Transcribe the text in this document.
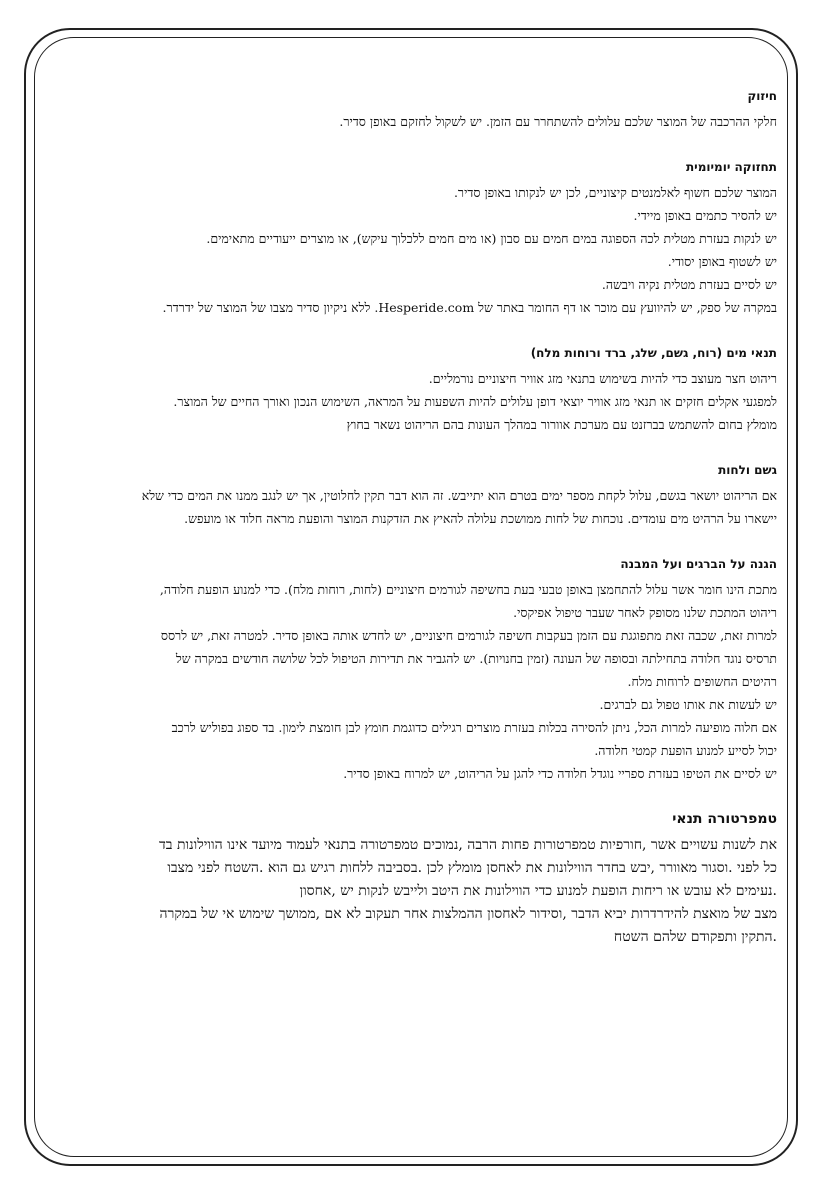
חיזוק

חלקי ההרכבה של המוצר שלכם עלולים להשתחרר עם הזמן. יש לשקול לחזקם באופן סדיר.

תחזוקה יומיומית

המוצר שלכם חשוף לאלמנטים קיצוניים, לכן יש לנקותו באופן סדיר.

יש להסיר כתמים באופן מיידי.

יש לנקות בעזרת מטלית לכה הספוגה במים חמים עם סבון (או מים חמים ללכלוך עיקש), או מוצרים ייעודיים מתאימים.

יש לשטוף באופן יסודי.

יש לסיים בעזרת מטלית נקיה ויבשה.

במקרה של ספק, יש להיוועץ עם מוכר או דף החומר באתר של Hesperide.com. ללא ניקיון סדיר מצבו של המוצר של ידרדר.

תנאי מים (רוח, גשם, שלג, ברד ורוחות מלח)

ריהוט חצר מעוצב כדי להיות בשימוש בתנאי מזג אוויר חיצוניים נורמליים.

למפגעי אקלים חזקים או תנאי מזג אוויר יוצאי דופן עלולים להיות השפעות על המראה, השימוש הנכון ואורך החיים של המוצר.

מומלץ בחום להשתמש בברזנט עם מערכת אוורור במהלך העונות בהם הריהוט נשאר בחוץ

גשם ולחות

אם הריהוט יושאר בגשם, עלול לקחת מספר ימים בטרם הוא יתייבש. זה הוא דבר תקין לחלוטין, אך יש לנגב ממנו את המים כדי שלא

יישארו על הרהיט מים עומדים. נוכחות של לחות ממושכת עלולה להאיץ את הזדקנות המוצר והופעת מראה חלוד או מועפש.

הגנה על הברגים ועל המבנה

מתכת הינו חומר אשר עלול להתחמצן באופן טבעי בעת בחשיפה לגורמים חיצוניים (לחות, רוחות מלח). כדי למנוע הופעת חלודה,

ריהוט המתכת שלנו מסופק לאחר שעבר טיפול אפיקסי.

למרות זאת, שכבה זאת מתפוגגת עם הזמן בעקבות חשיפה לגורמים חיצוניים, יש לחדש אותה באופן סדיר. למטרה זאת, יש לרסס

תרסיס נוגד חלודה בתחילתה ובסופה של העונה (זמין בחנויות). יש להגביר את תדירות הטיפול לכל שלושה חודשים במקרה של

רהיטים החשופים לרוחות מלח.

יש לעשות את אותו טפול גם לברגים.

אם חלוה מופיעה למרות הכל, ניתן להסירה בכלות בעזרת מוצרים רגילים כדוגמת חומץ לבן חומצת לימון. בד ספוג בפוליש לרכב

יכול לסייע למנוע הופעת קמטי חלודה.

יש לסיים את הטיפו בעזרת ספריי נוגדל חלודה כדי להגן על הריהוט, יש למרוח באופן סדיר.

טמפרטורה תנאי

את לשנות עשויים אשר ,חורפיות טמפרטורות פחות הרבה ,נמוכים טמפרטורה בתנאי לעמוד מיועד אינו הווילונות בד

כל לפני .וסגור מאוורר ,יבש בחדר הווילונות את לאחסן מומלץ לכן .בסביבה ללחות רגיש גם הוא .השטח לפני מצבו

.נעימים לא עובש או ריחות הופעת למנוע כדי הווילונות את היטב ולייבש לנקות יש ,אחסון

מצב של מואצת להידרדרות יביא הדבר ,וסידור לאחסון ההמלצות אחר תעקוב לא אם ,ממושך שימוש אי של במקרה

.התקין ותפקודם שלהם השטח
